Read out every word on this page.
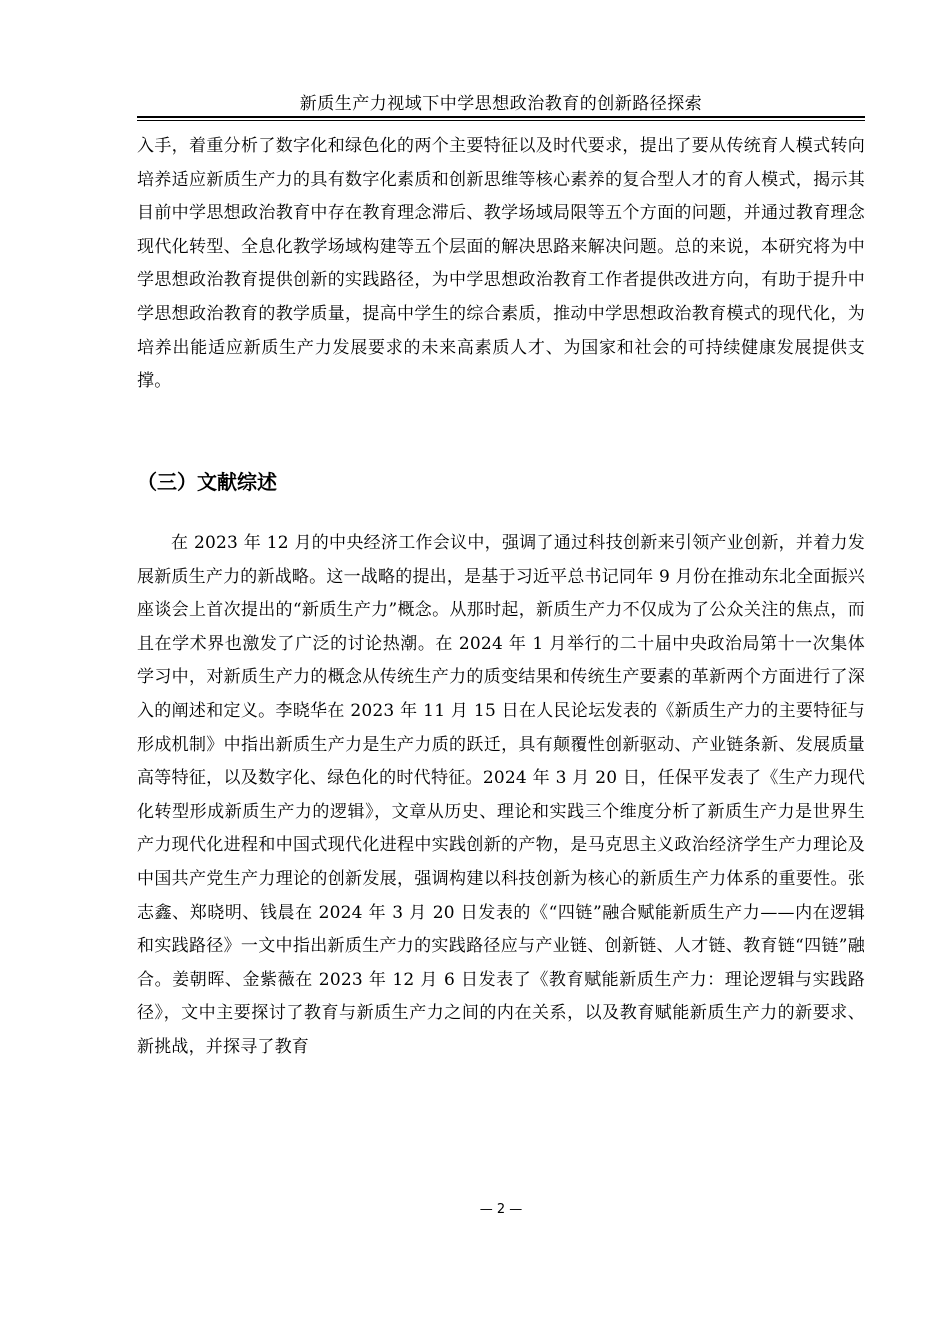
新质生产力视域下中学思想政治教育的创新路径探索

入手，着重分析了数字化和绿色化的两个主要特征以及时代要求，提出了要从传统育人模式转向培养适应新质生产力的具有数字化素质和创新思维等核心素养的复合型人才的育人模式，揭示其目前中学思想政治教育中存在教育理念滞后、教学场域局限等五个方面的问题，并通过教育理念现代化转型、全息化教学场域构建等五个层面的解决思路来解决问题。总的来说，本研究将为中学思想政治教育提供创新的实践路径，为中学思想政治教育工作者提供改进方向，有助于提升中学思想政治教育的教学质量，提高中学生的综合素质，推动中学思想政治教育模式的现代化，为培养出能适应新质生产力发展要求的未来高素质人才、为国家和社会的可持续健康发展提供支撑。

（三）文献综述

在 2023 年 12 月的中央经济工作会议中，强调了通过科技创新来引领产业创新，并着力发展新质生产力的新战略。这一战略的提出，是基于习近平总书记同年 9 月份在推动东北全面振兴座谈会上首次提出的“新质生产力”概念。从那时起，新质生产力不仅成为了公众关注的焦点，而且在学术界也激发了广泛的讨论热潮。在 2024 年 1 月举行的二十届中央政治局第十一次集体学习中，对新质生产力的概念从传统生产力的质变结果和传统生产要素的革新两个方面进行了深入的阐述和定义。李晓华在 2023 年 11 月 15 日在人民论坛发表的《新质生产力的主要特征与形成机制》中指出新质生产力是生产力质的跃迁，具有颠覆性创新驱动、产业链条新、发展质量高等特征，以及数字化、绿色化的时代特征。2024 年 3 月 20 日，任保平发表了《生产力现代化转型形成新质生产力的逻辑》，文章从历史、理论和实践三个维度分析了新质生产力是世界生产力现代化进程和中国式现代化进程中实践创新的产物，是马克思主义政治经济学生产力理论及中国共产党生产力理论的创新发展，强调构建以科技创新为核心的新质生产力体系的重要性。张志鑫、郑晓明、钱晨在 2024 年 3 月 20 日发表的《“四链”融合赋能新质生产力——内在逻辑和实践路径》一文中指出新质生产力的实践路径应与产业链、创新链、人才链、教育链“四链”融合。姜朝晖、金紫薇在 2023 年 12 月 6 日发表了《教育赋能新质生产力：理论逻辑与实践路径》，文中主要探讨了教育与新质生产力之间的内在关系，以及教育赋能新质生产力的新要求、新挑战，并探寻了教育

— 2 —
